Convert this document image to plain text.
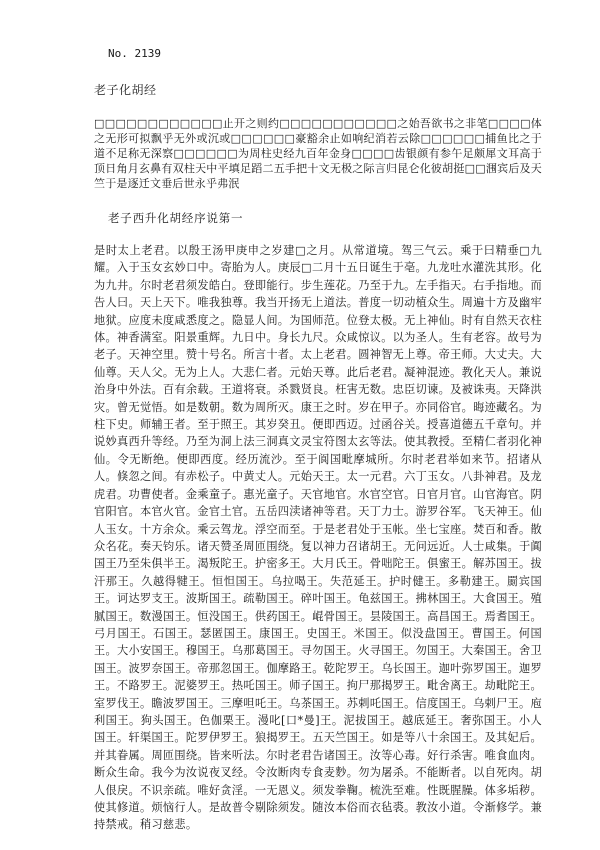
No. 2139
老子化胡经
□□□□□□□□□□□□止开之则约□□□□□□□□□□□之始吾欲书之非笔□□□□体之无形可拟飘乎无外或沉或□□□□□□豪豁余止如响纪消若云除□□□□□□捕鱼比之于道不足称无深察□□□□□□为周柱史经九百年金身□□□□齿银颜有参午足颇犀文耳高于顶日角月玄鼻有双柱天中平填足蹈二五手把十文无极之际言归昆仑化彼胡挺□□涠宾后及天竺于是逐迁文垂后世永乎弗泯
老子西升化胡经序说第一
是时太上老君。以殷王汤甲庚申之岁建□之月。从常道境。驾三气云。乘于曰精垂□九耀。入于玉女玄妙口中。寄胎为人。庚辰□二月十五日诞生于亳。九龙吐水灌洗其形。化为九井。尔时老君须发皓白。登即能行。步生莲花。乃至于九。左手指天。右手指地。而告人曰。天上天下。唯我独尊。我当开扬无上道法。普度一切动植众生。周遍十方及幽牢地狱。应度未度咸悉度之。隐显人间。为国师范。位登太极。无上神仙。时有自然天衣柱体。神香满室。阳景重辉。九日中。身长九尺。众咸惊议。以为圣人。生有老容。故号为老子。天神空里。赞十号名。所言十者。太上老君。圆神智无上尊。帝王师。大丈夫。大仙尊。天人父。无为上人。大悲仁者。元始天尊。此后老君。凝神混迹。教化天人。兼说治身中外法。百有余载。王道将衰。杀戮贤良。枉害无数。忠臣切谏。及被诛夷。天降洪灾。曾无觉悟。如是数朝。数为周所灭。康王之时。岁在甲子。亦同俗官。晦迹藏名。为柱下史。师辅王者。至于照王。其岁癸丑。便即西迈。过函谷关。授喜道德五千章句。并说妙真西升等经。乃至为洞上法三洞真文灵宝符图太玄等法。使其教授。至精仁者羽化神仙。令无断绝。便即西度。经历流沙。至于阆国毗摩城所。尔时老君举如来节。招诸从人。倏忽之间。有赤松子。中黄丈人。元始天王。太一元君。六丁玉女。八卦神君。及龙虎君。功曹使者。金乘童子。惠光童子。天官地官。水官空官。日官月官。山官海官。阴官阳官。本官火官。金官土官。五岳四渎诸神等君。天丁力士。游罗谷军。飞天神王。仙人玉女。十方余众。乘云驾龙。浮空而至。于是老君处于玉帐。坐七宝座。焚百和香。散众名花。奏天钧乐。诸天赞圣周匝围绕。复以神力召诸胡王。无问远近。人士咸集。于阗国王乃至朱俱半王。渴叛陀王。护密多王。大月氏王。骨咄陀王。俱蜜王。解苏国王。拔汗那王。久越得犍王。恒怛国王。乌拉喝王。失范延王。护时健王。多勒建王。罽宾国王。诃达罗支王。波斯国王。疏勒国王。碎叶国王。龟兹国王。拂林国王。大食国王。殖腻国王。数漫国王。恒没国王。供药国王。崐骨国王。昙陵国王。高昌国王。焉耆国王。弓月国王。石国王。瑟匿国王。康国王。史国王。米国王。似没盘国王。曹国王。何国王。大小安国王。穆国王。乌那葛国王。寻勿国王。火寻国王。勿国王。大秦国王。舍卫国王。波罗奈国王。帝那忽国王。伽摩路王。乾陀罗王。乌长国王。迦叶弥罗国王。迦罗王。不路罗王。泥婆罗王。热吒国王。师子国王。拘尸那揭罗王。毗舍离王。劫毗陀王。室罗伐王。瞻波罗国王。三摩呾吒王。乌茶国王。苏剌吒国王。信度国王。乌剌尸王。庖利国王。狗头国王。色伽栗王。漫叱[口*曼]王。泥拔国王。越底延王。奢弥国王。小人国王。轩渠国王。陀罗伊罗王。狼揭罗王。五天竺国王。如是等八十余国王。及其妃后。并其眷属。周匝围绕。皆来听法。尔时老君告诸国王。汝等心毒。好行杀害。唯食血肉。断众生命。我今为汝说夜叉经。令汝断肉专食麦麨。勿为屠杀。不能断者。以自死肉。胡人佷戾。不识亲疏。唯好贪淫。一无恩义。须发拳鞠。梳洗至难。性既腥臊。体多垢秽。使其修道。烦恼行人。是故普令剔除须发。随汝本俗而衣毡裘。教汝小道。令渐修学。兼持禁戒。稍习慈悲。
